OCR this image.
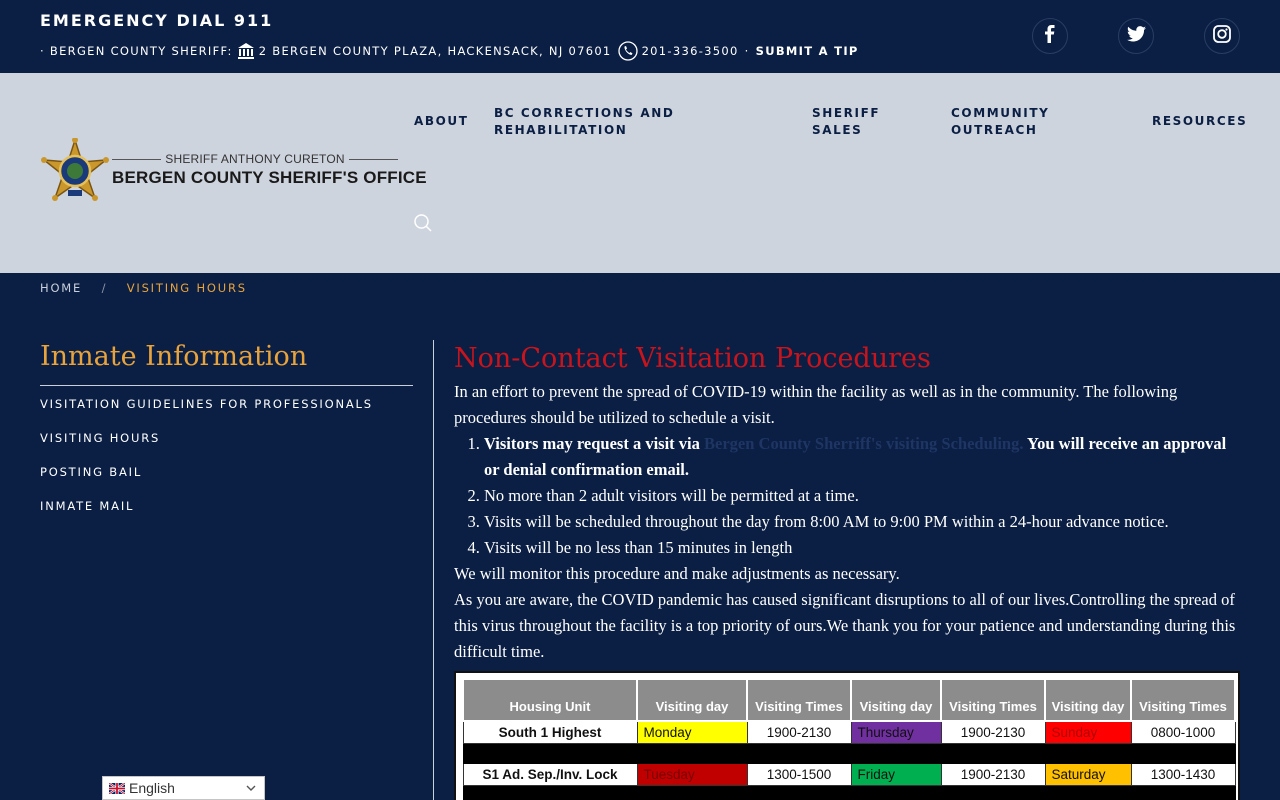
EMERGENCY DIAL 911
· BERGEN COUNTY SHERIFF: 2 BERGEN COUNTY PLAZA, HACKENSACK, NJ 07601	201-336-3500 · SUBMIT A TIP
SHERIFF ANTHONY CURETON
BERGEN COUNTY SHERIFF'S OFFICE
ABOUT
BC CORRECTIONS AND
REHABILITATION
SHERIFF
SALES
COMMUNITY
OUTREACH
RESOURCES
HOME / VISITING HOURS
Inmate Information
VISITATION GUIDELINES FOR PROFESSIONALS
VISITING HOURS
POSTING BAIL
INMATE MAIL
Non-Contact Visitation Procedures

In an effort to prevent the spread of COVID-19 within the facility as well as in the community. The following procedures should be utilized to schedule a visit.

1. Visitors may request a visit via Bergen County Sherriff's visiting Scheduling. You will receive an approval or denial confirmation email.
2. No more than 2 adult visitors will be permitted at a time.
3. Visits will be scheduled throughout the day from 8:00 AM to 9:00 PM within a 24-hour advance notice.
4. Visits will be no less than 15 minutes in length

We will monitor this procedure and make adjustments as necessary.

As you are aware, the COVID pandemic has caused significant disruptions to all of our lives.Controlling the spread of this virus throughout the facility is a top priority of ours.We thank you for your patience and understanding during this difficult time.

Housing Unit	Visiting day	Visiting Times	Visiting day	Visiting Times	Visiting day	Visiting Times
South 1 Highest	Monday	1900-2130	Thursday	1900-2130	Sunday	0800-1000

S1 Ad. Sep./Inv. Lock	Tuesday	1300-1500	Friday	1900-2130	Saturday	1300-1430

English
